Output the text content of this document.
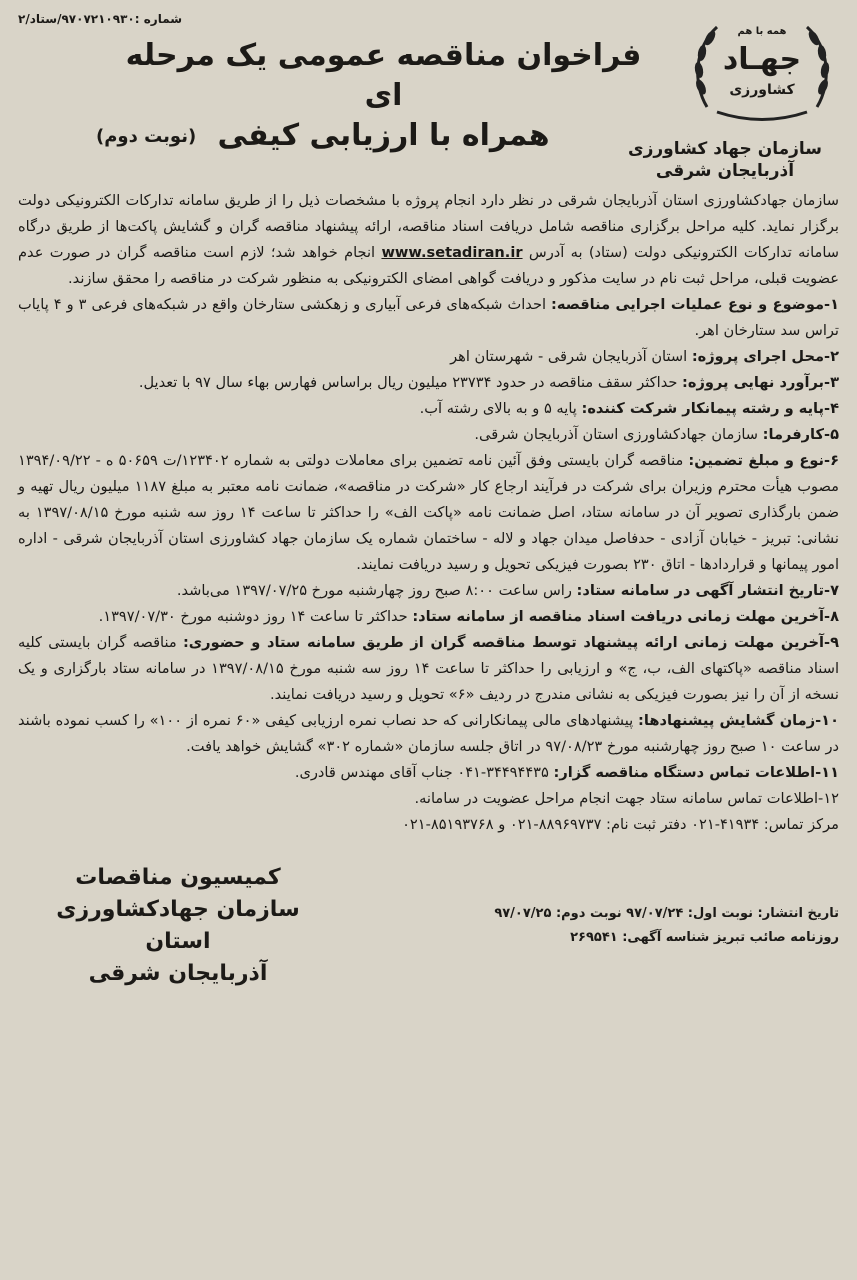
همه با هم
جهـاد
کشاورزی
سازمان جهاد کشاورزی
آذربایجان شرقی
شماره :۹۷۰۷۲۱۰۹۳۰/ستاد/۲
فراخوان مناقصه عمومی یک مرحله ای
همراه با ارزیابی کیفی
(نوبت دوم)

سازمان جهادکشاورزی استان آذربایجان شرقی در نظر دارد انجام پروژه با مشخصات ذیل را از طریق سامانه تدارکات الکترونیکی دولت برگزار نماید. کلیه مراحل برگزاری مناقصه شامل دریافت اسناد مناقصه، ارائه پیشنهاد مناقصه گران و گشایش پاکت‌ها از طریق درگاه سامانه تدارکات الکترونیکی دولت (ستاد) به آدرس www.setadiran.ir انجام خواهد شد؛ لازم است مناقصه گران در صورت عدم عضویت قبلی، مراحل ثبت نام در سایت مذکور و دریافت گواهی امضای الکترونیکی به منظور شرکت در مناقصه را محقق سازند.

۱-موضوع و نوع عملیات اجرایی مناقصه: احداث شبکه‌های فرعی آبیاری و زهکشی ستارخان واقع در شبکه‌های فرعی ۳ و ۴ پایاب تراس سد ستارخان اهر.

۲-محل اجرای پروژه: استان آذربایجان شرقی - شهرستان اهر

۳-برآورد نهایی پروژه: حداکثر سقف مناقصه در حدود ۲۳۷۳۴ میلیون ریال براساس فهارس بهاء سال ۹۷ با تعدیل.

۴-پایه و رشته پیمانکار شرکت کننده: پایه ۵ و به بالای رشته آب.

۵-کارفرما: سازمان جهادکشاورزی استان آذربایجان شرقی.

۶-نوع و مبلغ تضمین: مناقصه گران بایستی وفق آئین نامه تضمین برای معاملات دولتی به شماره ۱۲۳۴۰۲/ت ۵۰۶۵۹ ه - ۱۳۹۴/۰۹/۲۲ مصوب هیأت محترم وزیران برای شرکت در فرآیند ارجاع کار «شرکت در مناقصه»، ضمانت نامه معتبر به مبلغ ۱۱۸۷ میلیون ریال تهیه و ضمن بارگذاری تصویر آن در سامانه ستاد، اصل ضمانت نامه «پاکت الف» را حداکثر تا ساعت ۱۴ روز سه شنبه مورخ ۱۳۹۷/۰۸/۱۵ به نشانی: تبریز - خیابان آزادی - حدفاصل میدان جهاد و لاله - ساختمان شماره یک سازمان جهاد کشاورزی استان آذربایجان شرقی - اداره امور پیمانها و قراردادها - اتاق ۲۳۰ بصورت فیزیکی تحویل و رسید دریافت نمایند.

۷-تاریخ انتشار آگهی در سامانه ستاد: راس ساعت ۸:۰۰ صبح روز چهارشنبه مورخ ۱۳۹۷/۰۷/۲۵ می‌باشد.

۸-آخرین مهلت زمانی دریافت اسناد مناقصه از سامانه ستاد: حداکثر تا ساعت ۱۴ روز دوشنبه مورخ ۱۳۹۷/۰۷/۳۰.

۹-آخرین مهلت زمانی ارائه پیشنهاد توسط مناقصه گران از طریق سامانه ستاد و حضوری: مناقصه گران بایستی کلیه اسناد مناقصه «پاکتهای الف، ب، ج» و ارزیابی را حداکثر تا ساعت ۱۴ روز سه شنبه مورخ ۱۳۹۷/۰۸/۱۵ در سامانه ستاد بارگزاری و یک نسخه از آن را نیز بصورت فیزیکی به نشانی مندرج در ردیف «۶» تحویل و رسید دریافت نمایند.

۱۰-زمان گشایش پیشنهادها: پیشنهادهای مالی پیمانکارانی که حد نصاب نمره ارزیابی کیفی «۶۰ نمره از ۱۰۰» را کسب نموده باشند در ساعت ۱۰ صبح روز چهارشنبه مورخ ۹۷/۰۸/۲۳ در اتاق جلسه سازمان «شماره ۳۰۲» گشایش خواهد یافت.

۱۱-اطلاعات تماس دستگاه مناقصه گزار: ۳۴۴۹۴۴۳۵-۰۴۱ جناب آقای مهندس قادری.

۱۲-اطلاعات تماس سامانه ستاد جهت انجام مراحل عضویت در سامانه.

مرکز تماس: ۴۱۹۳۴-۰۲۱ دفتر ثبت نام: ۸۸۹۶۹۷۳۷-۰۲۱ و ۸۵۱۹۳۷۶۸-۰۲۱

تاریخ انتشار: نوبت اول: ۹۷/۰۷/۲۴ نوبت دوم: ۹۷/۰۷/۲۵
روزنامه صائب تبریز شناسه آگهی: ۲۶۹۵۴۱
کمیسیون مناقصات
سازمان جهادکشاورزی استان
آذربایجان شرقی
